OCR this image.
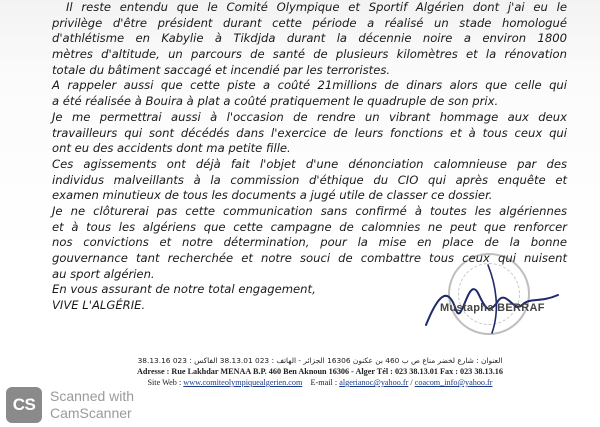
Il reste entendu que le Comité Olympique et Sportif Algérien dont j'ai eu le
privilège d'être président durant cette période a réalisé un stade homologué
d'athlétisme en Kabylie à Tikdjda durant la décennie noire a environ 1800
mètres d'altitude, un parcours de santé de plusieurs kilomètres et la rénovation
totale du bâtiment saccagé et incendié par les terroristes.
A rappeler aussi que cette piste a coûté 21millions de dinars alors que celle qui
a été réalisée à Bouira à plat a coûté pratiquement le quadruple de son prix.
Je me permettrai aussi à l'occasion de rendre un vibrant hommage aux deux
travailleurs qui sont décédés dans l'exercice de leurs fonctions et à tous ceux qui
ont eu des accidents dont ma petite fille.
Ces agissements ont déjà fait l'objet d'une dénonciation calomnieuse par des
individus malveillants à la commission d'éthique du CIO qui après enquête et
examen minutieux de tous les documents a jugé utile de classer ce dossier.
Je ne clôturerai pas cette communication sans confirmé à toutes les algériennes
et à tous les algériens que cette campagne de calomnies ne peut que renforcer
nos convictions et notre détermination, pour la mise en place de la bonne
gouvernance tant recherchée et notre souci de combattre tous ceux qui nuisent
au sport algérien.
En vous assurant de notre total engagement,
VIVE L'ALGÉRIE.	Mustapha BERRAF
العنوان : شارع لخضر مناع ص ب 460 بن عكنون 16306 الجزائر - الهاتف : 023 38.13.01 الفاكس : 023 38.13.16
Adresse : Rue Lakhdar MENAA B.P. 460 Ben Aknoun 16306 - Alger Tél : 023 38.13.01 Fax : 023 38.13.16
Site Web : www.comiteolympiquealgerien.com E-mail : algerianoc@yahoo.fr / coacom_info@yahoo.fr
CS	Scanned with
CamScanner
